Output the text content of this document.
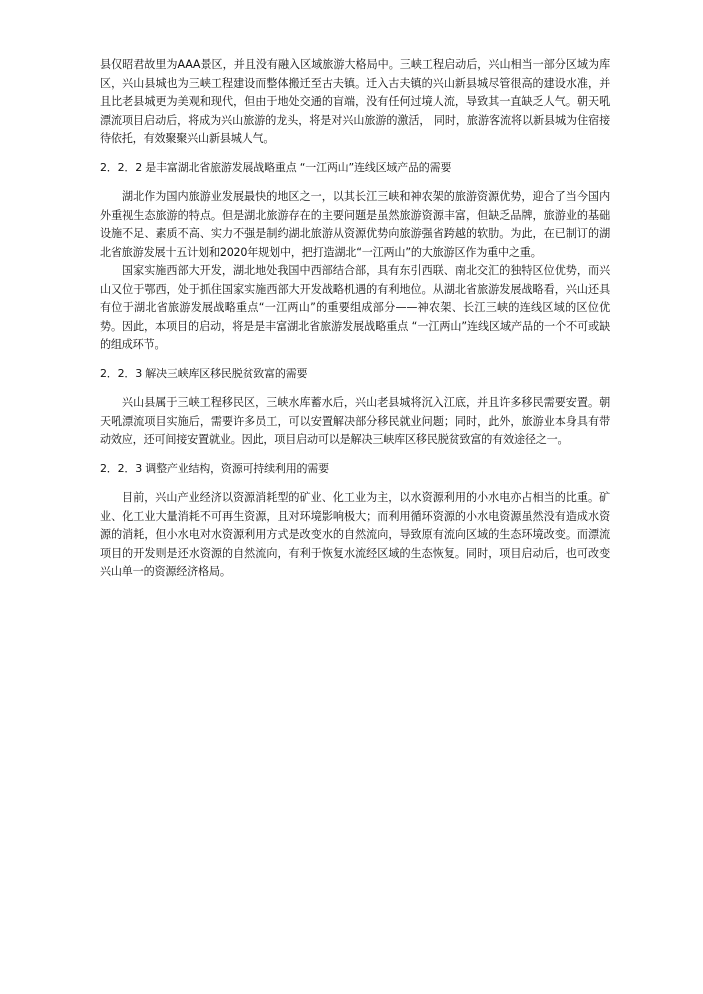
县仅昭君故里为AAA景区，并且没有融入区域旅游大格局中。三峡工程启动后，兴山相当一部分区域为库区，兴山县城也为三峡工程建设而整体搬迁至古夫镇。迁入古夫镇的兴山新县城尽管很高的建设水准，并且比老县城更为美观和现代，但由于地处交通的盲端，没有任何过境人流，导致其一直缺乏人气。朝天吼漂流项目启动后，将成为兴山旅游的龙头，将是对兴山旅游的激活， 同时，旅游客流将以新县城为住宿接待依托，有效聚聚兴山新县城人气。

2．2．2 是丰富湖北省旅游发展战略重点 “一江两山”连线区域产品的需要

湖北作为国内旅游业发展最快的地区之一，以其长江三峡和神农架的旅游资源优势，迎合了当今国内外重视生态旅游的特点。但是湖北旅游存在的主要问题是虽然旅游资源丰富，但缺乏品牌，旅游业的基础设施不足、素质不高、实力不强是制约湖北旅游从资源优势向旅游强省跨越的软肋。为此，在已制订的湖北省旅游发展十五计划和2020年规划中，把打造湖北“一江两山”的大旅游区作为重中之重。

国家实施西部大开发，湖北地处我国中西部结合部，具有东引西联、南北交汇的独特区位优势，而兴山又位于鄂西，处于抓住国家实施西部大开发战略机遇的有利地位。从湖北省旅游发展战略看，兴山还具有位于湖北省旅游发展战略重点“一江两山”的重要组成部分——神农架、长江三峡的连线区域的区位优势。因此，本项目的启动，将是是丰富湖北省旅游发展战略重点 “一江两山”连线区域产品的一个不可或缺的组成环节。

2．2．3 解决三峡库区移民脱贫致富的需要

兴山县属于三峡工程移民区，三峡水库蓄水后，兴山老县城将沉入江底，并且许多移民需要安置。朝天吼漂流项目实施后，需要许多员工，可以安置解决部分移民就业问题；同时，此外，旅游业本身具有带动效应，还可间接安置就业。因此，项目启动可以是解决三峡库区移民脱贫致富的有效途径之一。

2．2．3 调整产业结构，资源可持续利用的需要

目前，兴山产业经济以资源消耗型的矿业、化工业为主，以水资源利用的小水电亦占相当的比重。矿业、化工业大量消耗不可再生资源，且对环境影响极大；而利用循环资源的小水电资源虽然没有造成水资源的消耗，但小水电对水资源利用方式是改变水的自然流向，导致原有流向区域的生态环境改变。而漂流项目的开发则是还水资源的自然流向，有利于恢复水流经区域的生态恢复。同时，项目启动后，也可改变兴山单一的资源经济格局。
